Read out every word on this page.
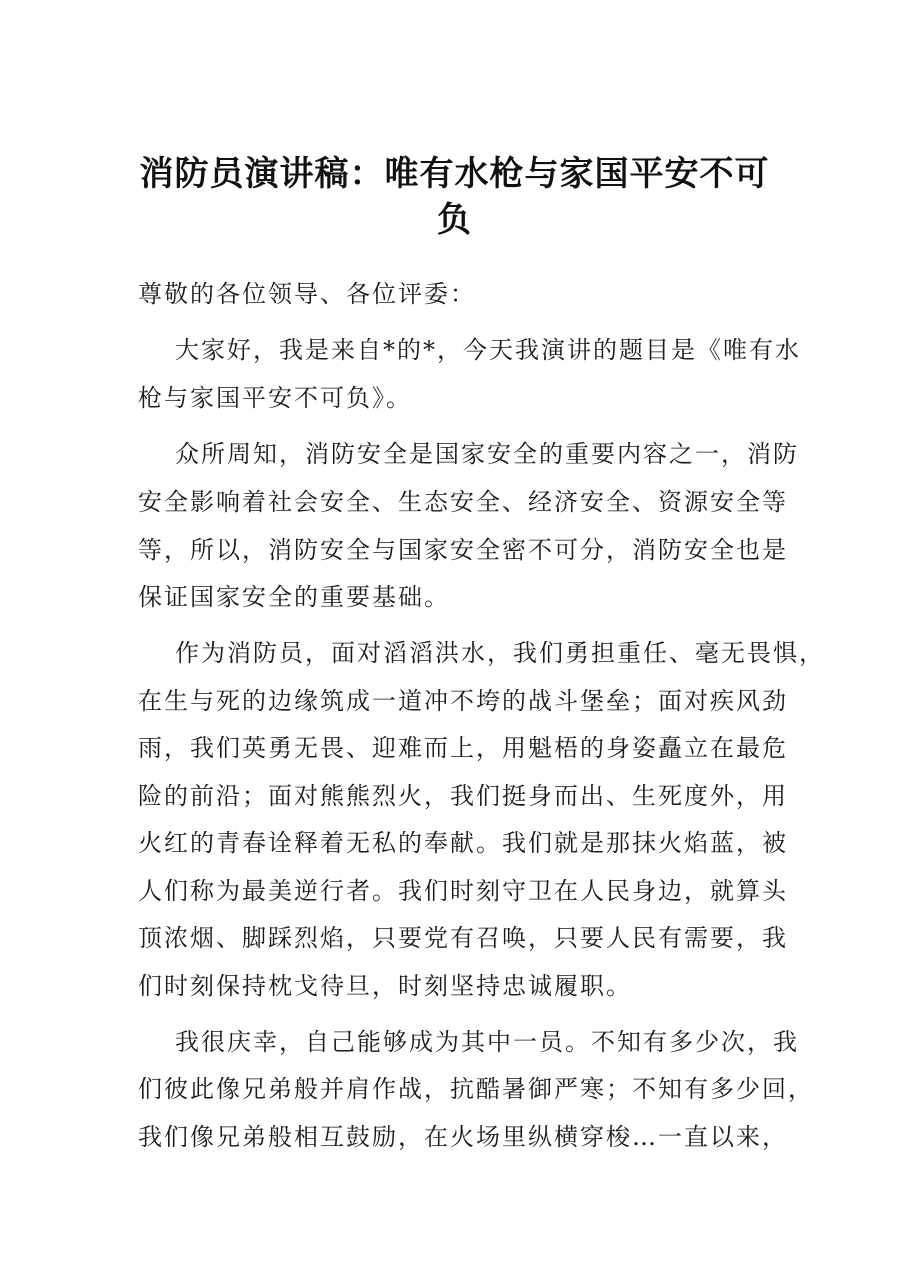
消防员演讲稿：唯有水枪与家国平安不可
负
尊敬的各位领导、各位评委：
大家好，我是来自*的*，今天我演讲的题目是《唯有水
枪与家国平安不可负》。
众所周知，消防安全是国家安全的重要内容之一，消防
安全影响着社会安全、生态安全、经济安全、资源安全等
等，所以，消防安全与国家安全密不可分，消防安全也是
保证国家安全的重要基础。
作为消防员，面对滔滔洪水，我们勇担重任、毫无畏惧，
在生与死的边缘筑成一道冲不垮的战斗堡垒；面对疾风劲
雨，我们英勇无畏、迎难而上，用魁梧的身姿矗立在最危
险的前沿；面对熊熊烈火，我们挺身而出、生死度外，用
火红的青春诠释着无私的奉献。我们就是那抹火焰蓝，被
人们称为最美逆行者。我们时刻守卫在人民身边，就算头
顶浓烟、脚踩烈焰，只要党有召唤，只要人民有需要，我
们时刻保持枕戈待旦，时刻坚持忠诚履职。
我很庆幸，自己能够成为其中一员。不知有多少次，我
们彼此像兄弟般并肩作战，抗酷暑御严寒；不知有多少回，
我们像兄弟般相互鼓励，在火场里纵横穿梭…一直以来，
